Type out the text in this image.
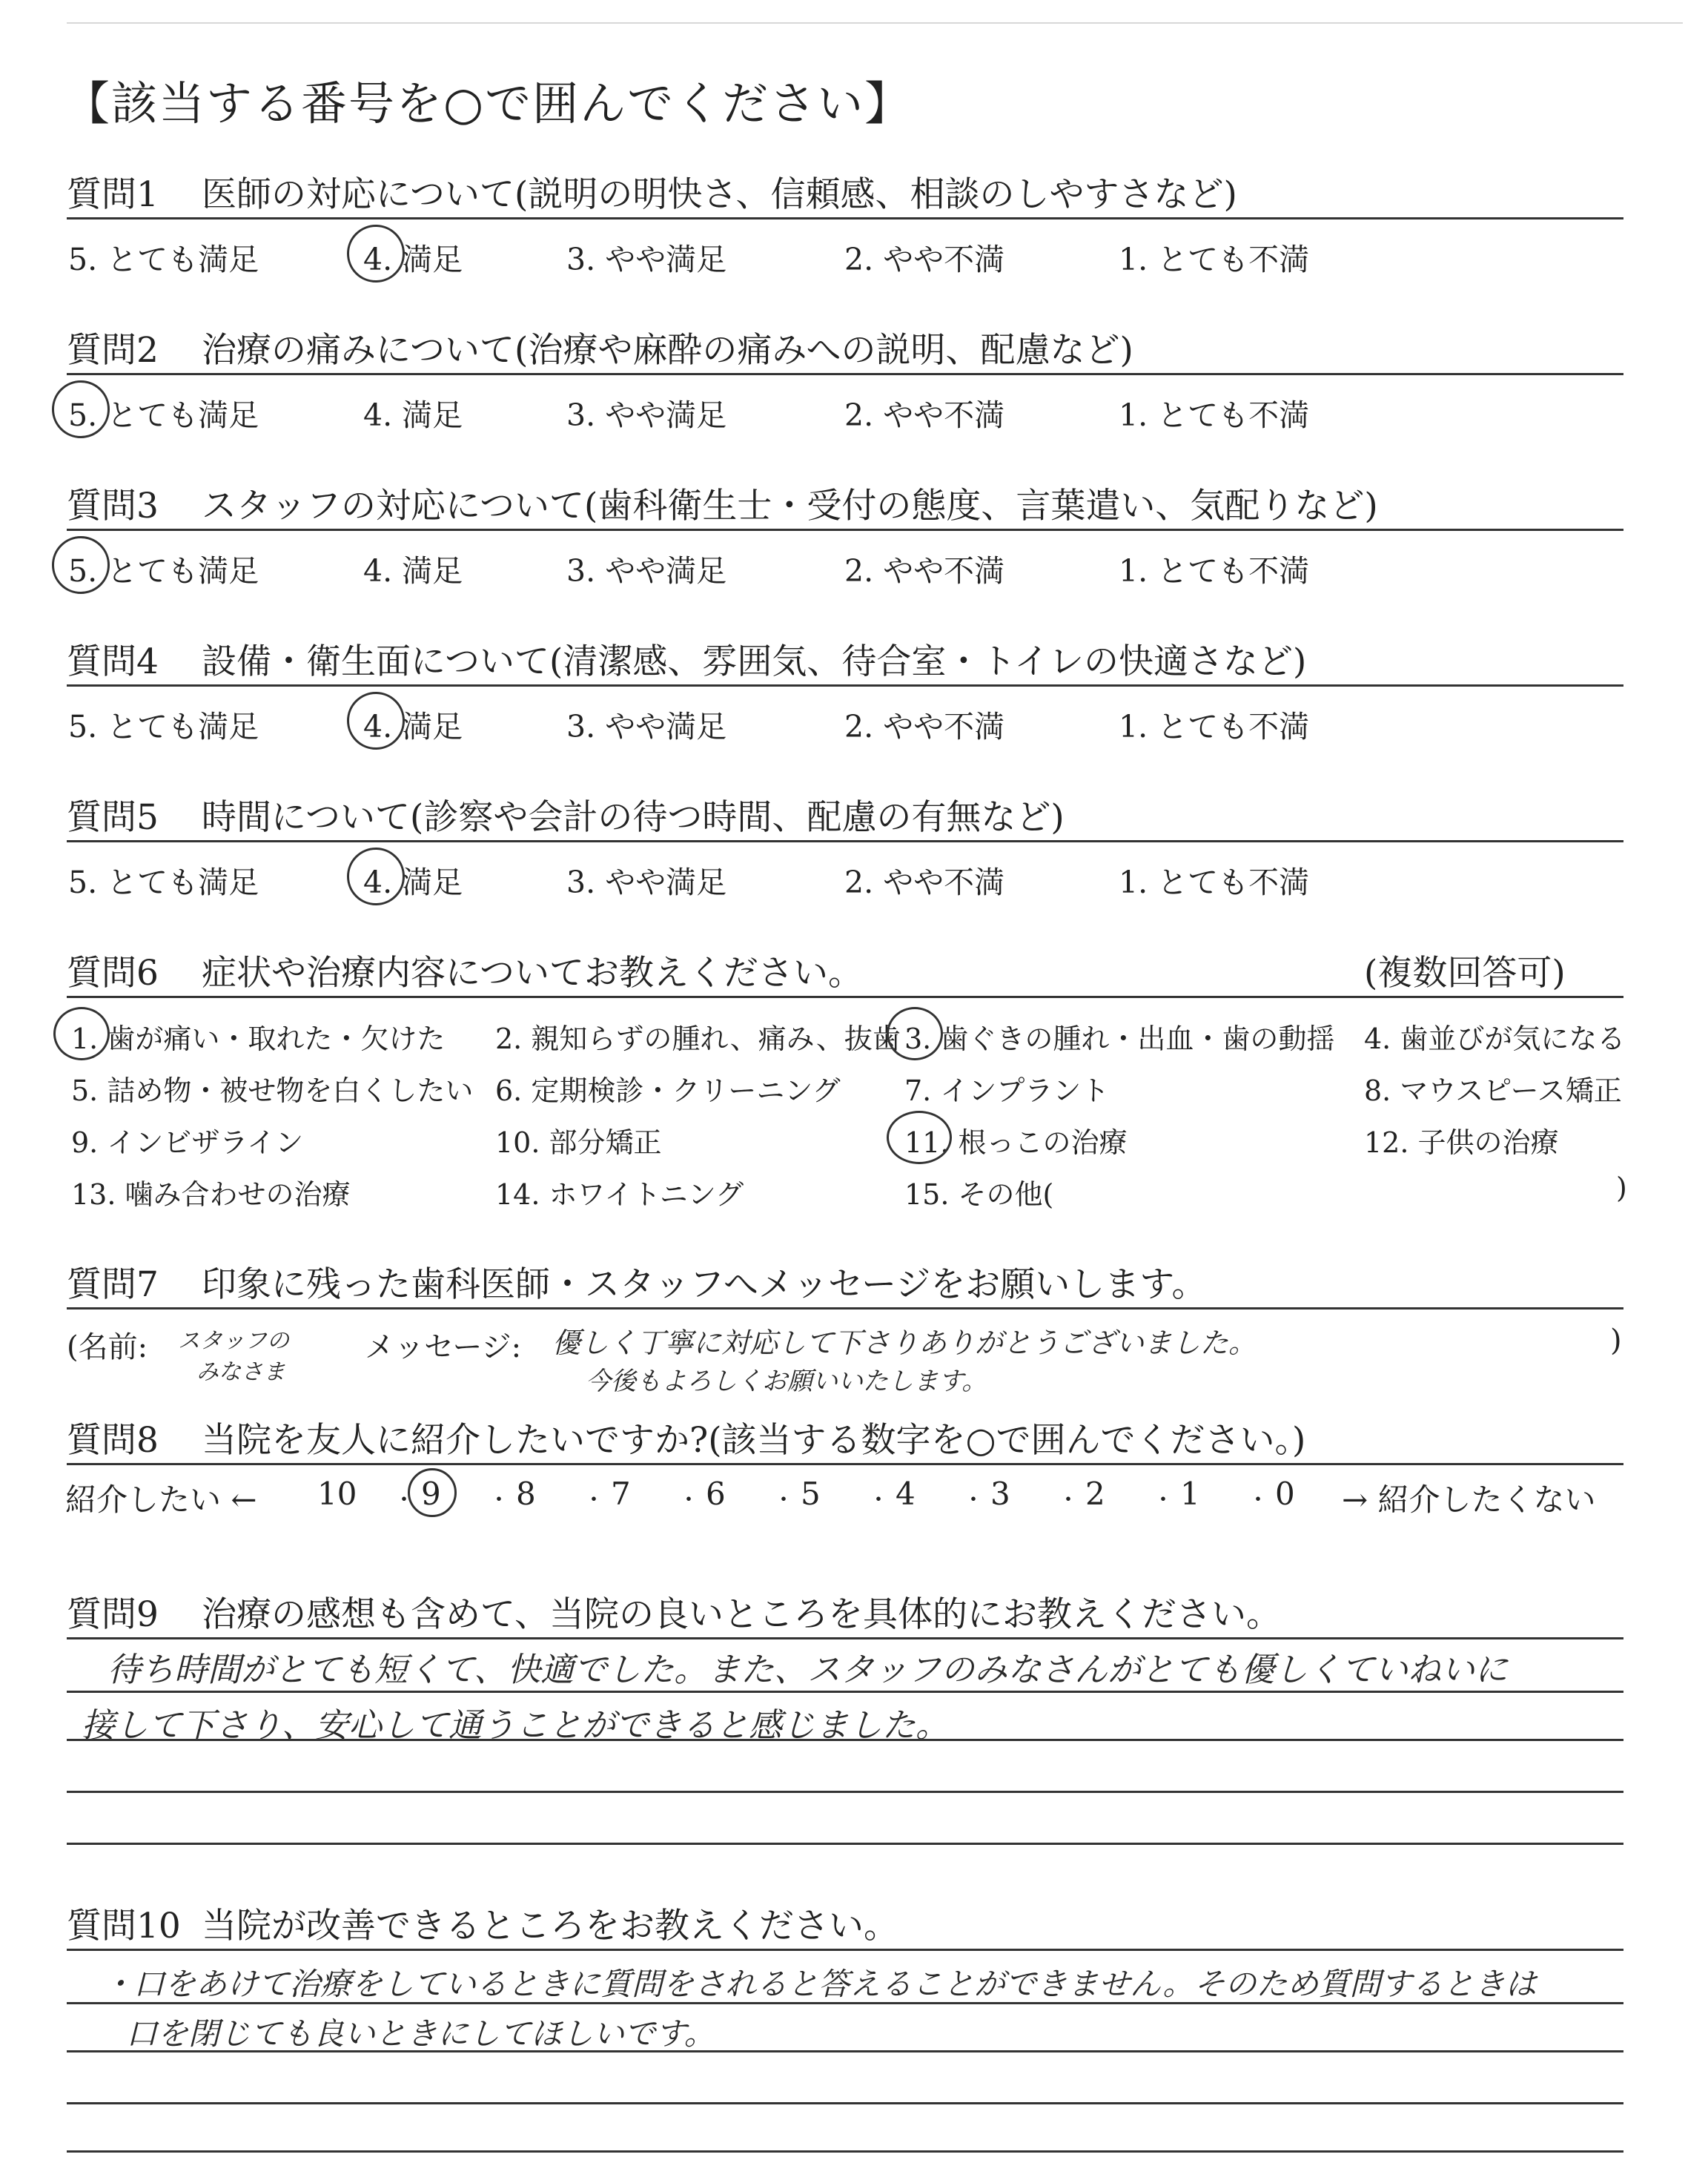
【該当する番号を○で囲んでください】
質問1 医師の対応について(説明の明快さ、信頼感、相談のしやすさなど)
5. とても満足	4. 満足	3. やや満足	2. やや不満	1. とても不満
質問2 治療の痛みについて(治療や麻酔の痛みへの説明、配慮など)
5. とても満足	4. 満足	3. やや満足	2. やや不満	1. とても不満
質問3 スタッフの対応について(歯科衛生士・受付の態度、言葉遣い、気配りなど)
5. とても満足	4. 満足	3. やや満足	2. やや不満	1. とても不満
質問4 設備・衛生面について(清潔感、雰囲気、待合室・トイレの快適さなど)
5. とても満足	4. 満足	3. やや満足	2. やや不満	1. とても不満
質問5 時間について(診察や会計の待つ時間、配慮の有無など)
5. とても満足	4. 満足	3. やや満足	2. やや不満	1. とても不満
質問6 症状や治療内容についてお教えください。	(複数回答可)
1. 歯が痛い・取れた・欠けた 2. 親知らずの腫れ、痛み、抜歯 3. 歯ぐきの腫れ・出血・歯の動揺 4. 歯並びが気になる
5. 詰め物・被せ物を白くしたい 6. 定期検診・クリーニング 7. インプラント	8. マウスピース矯正
9. インビザライン	10. 部分矯正	11. 根っこの治療	12. 子供の治療
13. 噛み合わせの治療	14. ホワイトニング	15. その他(	)
質問7 印象に残った歯科医師・スタッフへメッセージをお願いします。
(名前: スタッフの
みなさま
メッセージ: 優しく丁寧に対応して下さりありがとうございました。
今後もよろしくお願いいたします。
)
質問8 当院を友人に紹介したいですか?(該当する数字を○で囲んでください。)
紹介したい ←	→ 紹介したくない
10 ・ 9 ・ 8 ・ 7 ・ 6 ・ 5 ・ 4 ・ 3 ・ 2 ・ 1 ・ 0
質問9 治療の感想も含めて、当院の良いところを具体的にお教えください。
待ち時間がとても短くて、快適でした。また、スタッフのみなさんがとても優しくていねいに
接して下さり、安心して通うことができると感じました。
質問10 当院が改善できるところをお教えください。
・口をあけて治療をしているときに質問をされると答えることができません。そのため質問するときは
口を閉じても良いときにしてほしいです。
